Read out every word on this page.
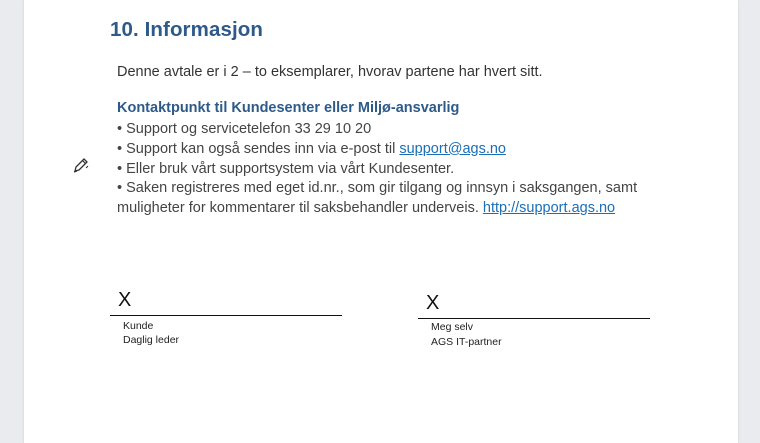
10. Informasjon
Denne avtale er i 2 – to eksemplarer, hvorav partene har hvert sitt.
Kontaktpunkt til Kundesenter eller Miljø-ansvarlig
• Support og servicetelefon 33 29 10 20
• Support kan også sendes inn via e-post til support@ags.no
• Eller bruk vårt supportsystem via vårt Kundesenter.
• Saken registreres med eget id.nr., som gir tilgang og innsyn i saksgangen, samt muligheter for kommentarer til saksbehandler underveis. http://support.ags.no
X
Kunde
Daglig leder
X
Meg selv
AGS IT-partner
